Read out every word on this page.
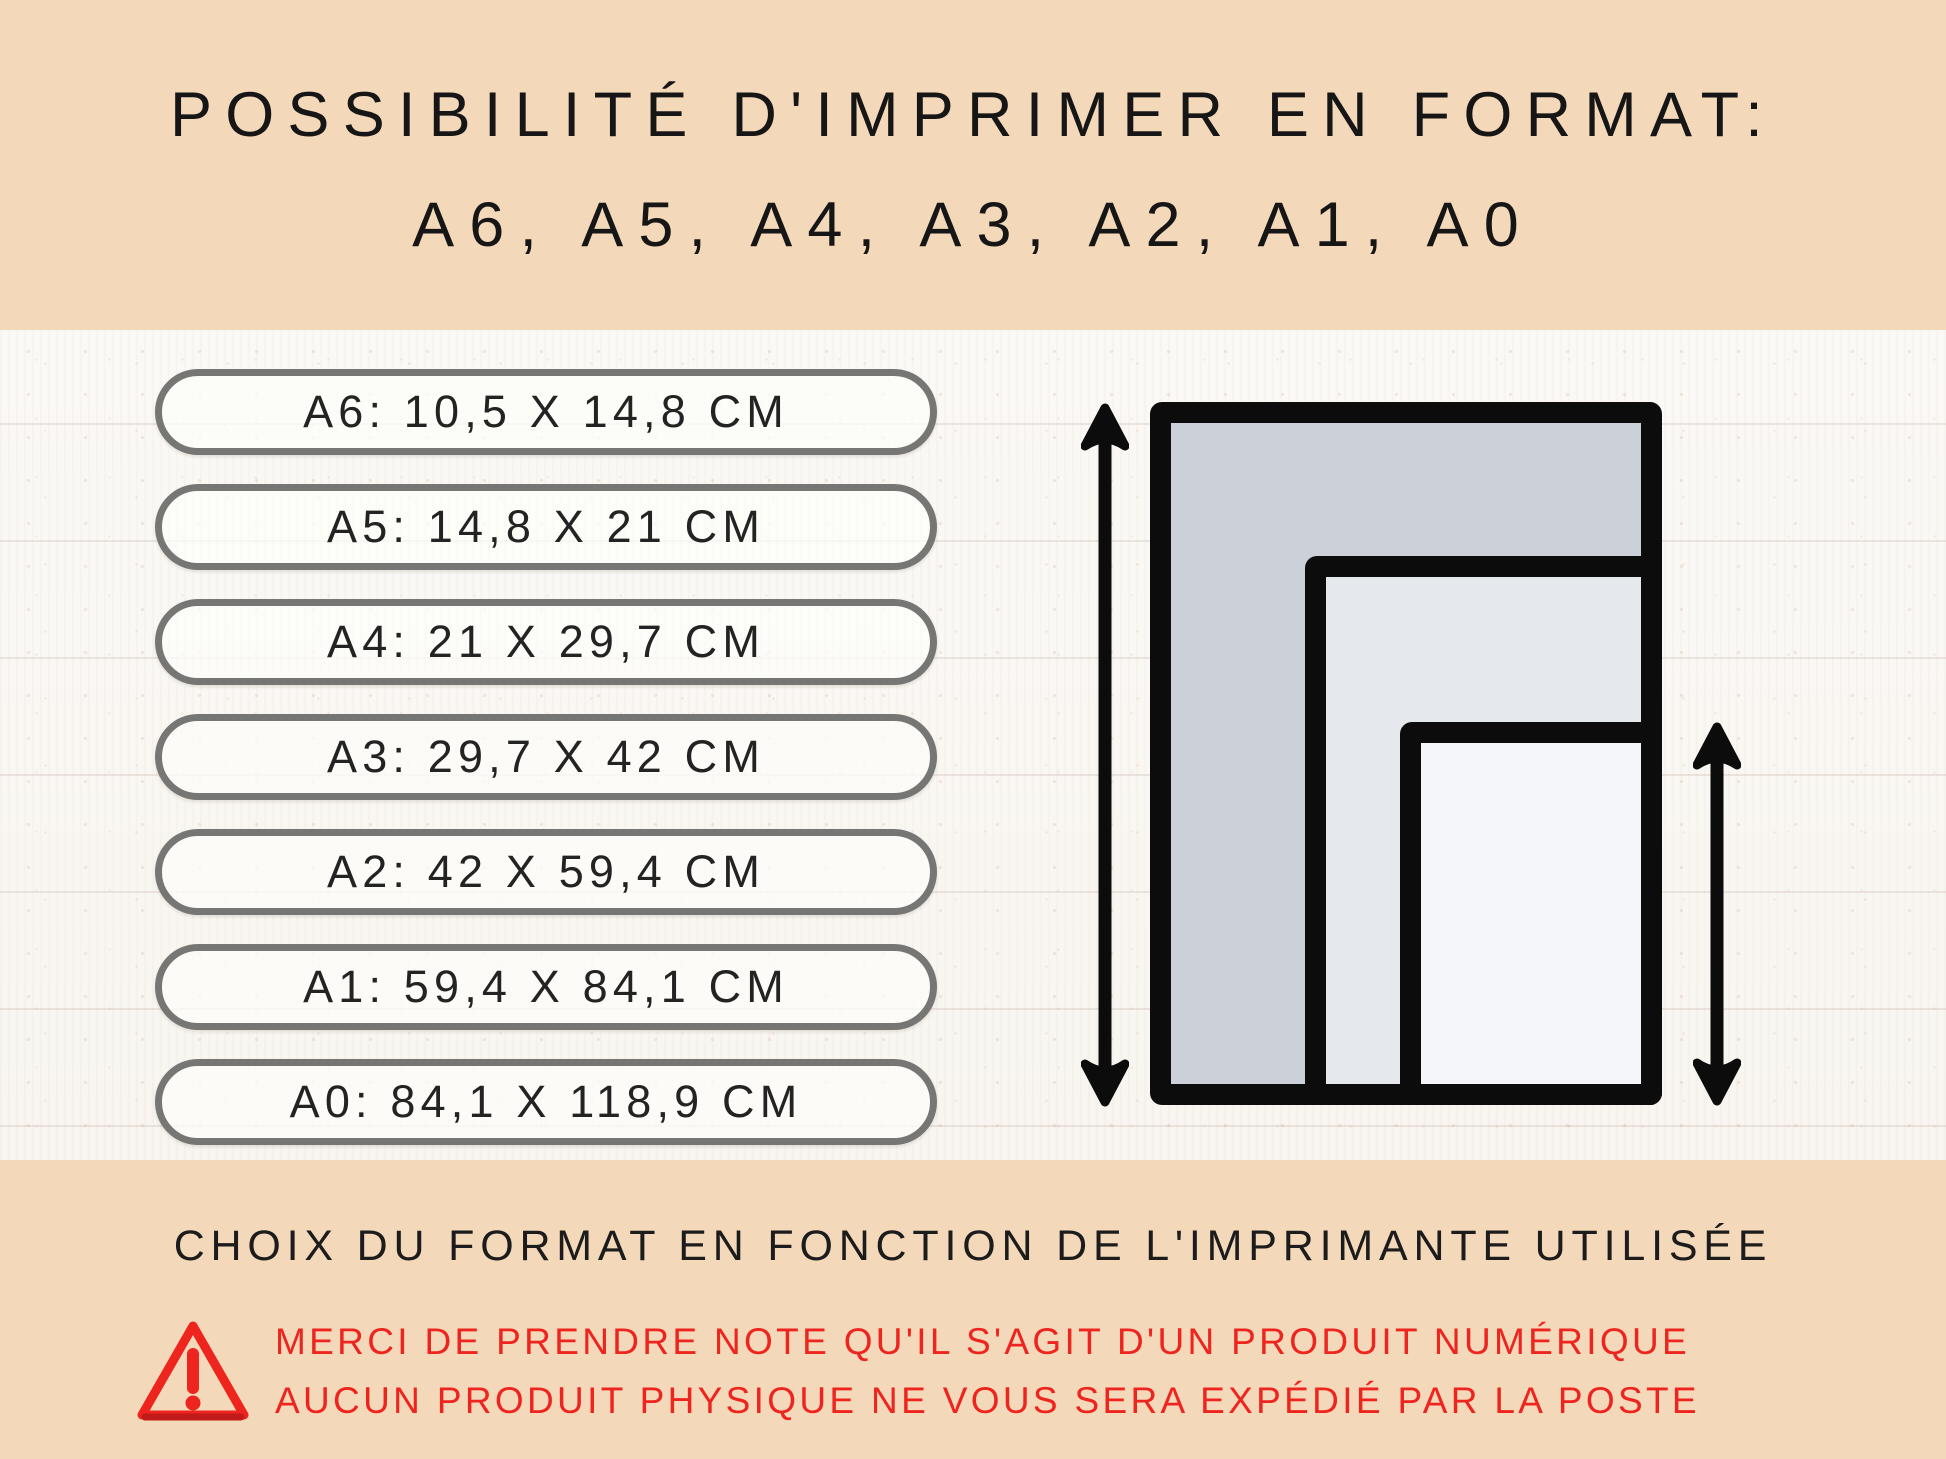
POSSIBILITÉ D'IMPRIMER EN FORMAT:
A6, A5, A4, A3, A2, A1, A0
A6: 10,5 X 14,8 CM
A5: 14,8 X 21 CM
A4: 21 X 29,7 CM
A3: 29,7 X 42 CM
A2: 42 X 59,4 CM
A1: 59,4 X 84,1 CM
A0: 84,1 X 118,9 CM
CHOIX DU FORMAT EN FONCTION DE L'IMPRIMANTE UTILISÉE
MERCI DE PRENDRE NOTE QU'IL S'AGIT D'UN PRODUIT NUMÉRIQUE
AUCUN PRODUIT PHYSIQUE NE VOUS SERA EXPÉDIÉ PAR LA POSTE
